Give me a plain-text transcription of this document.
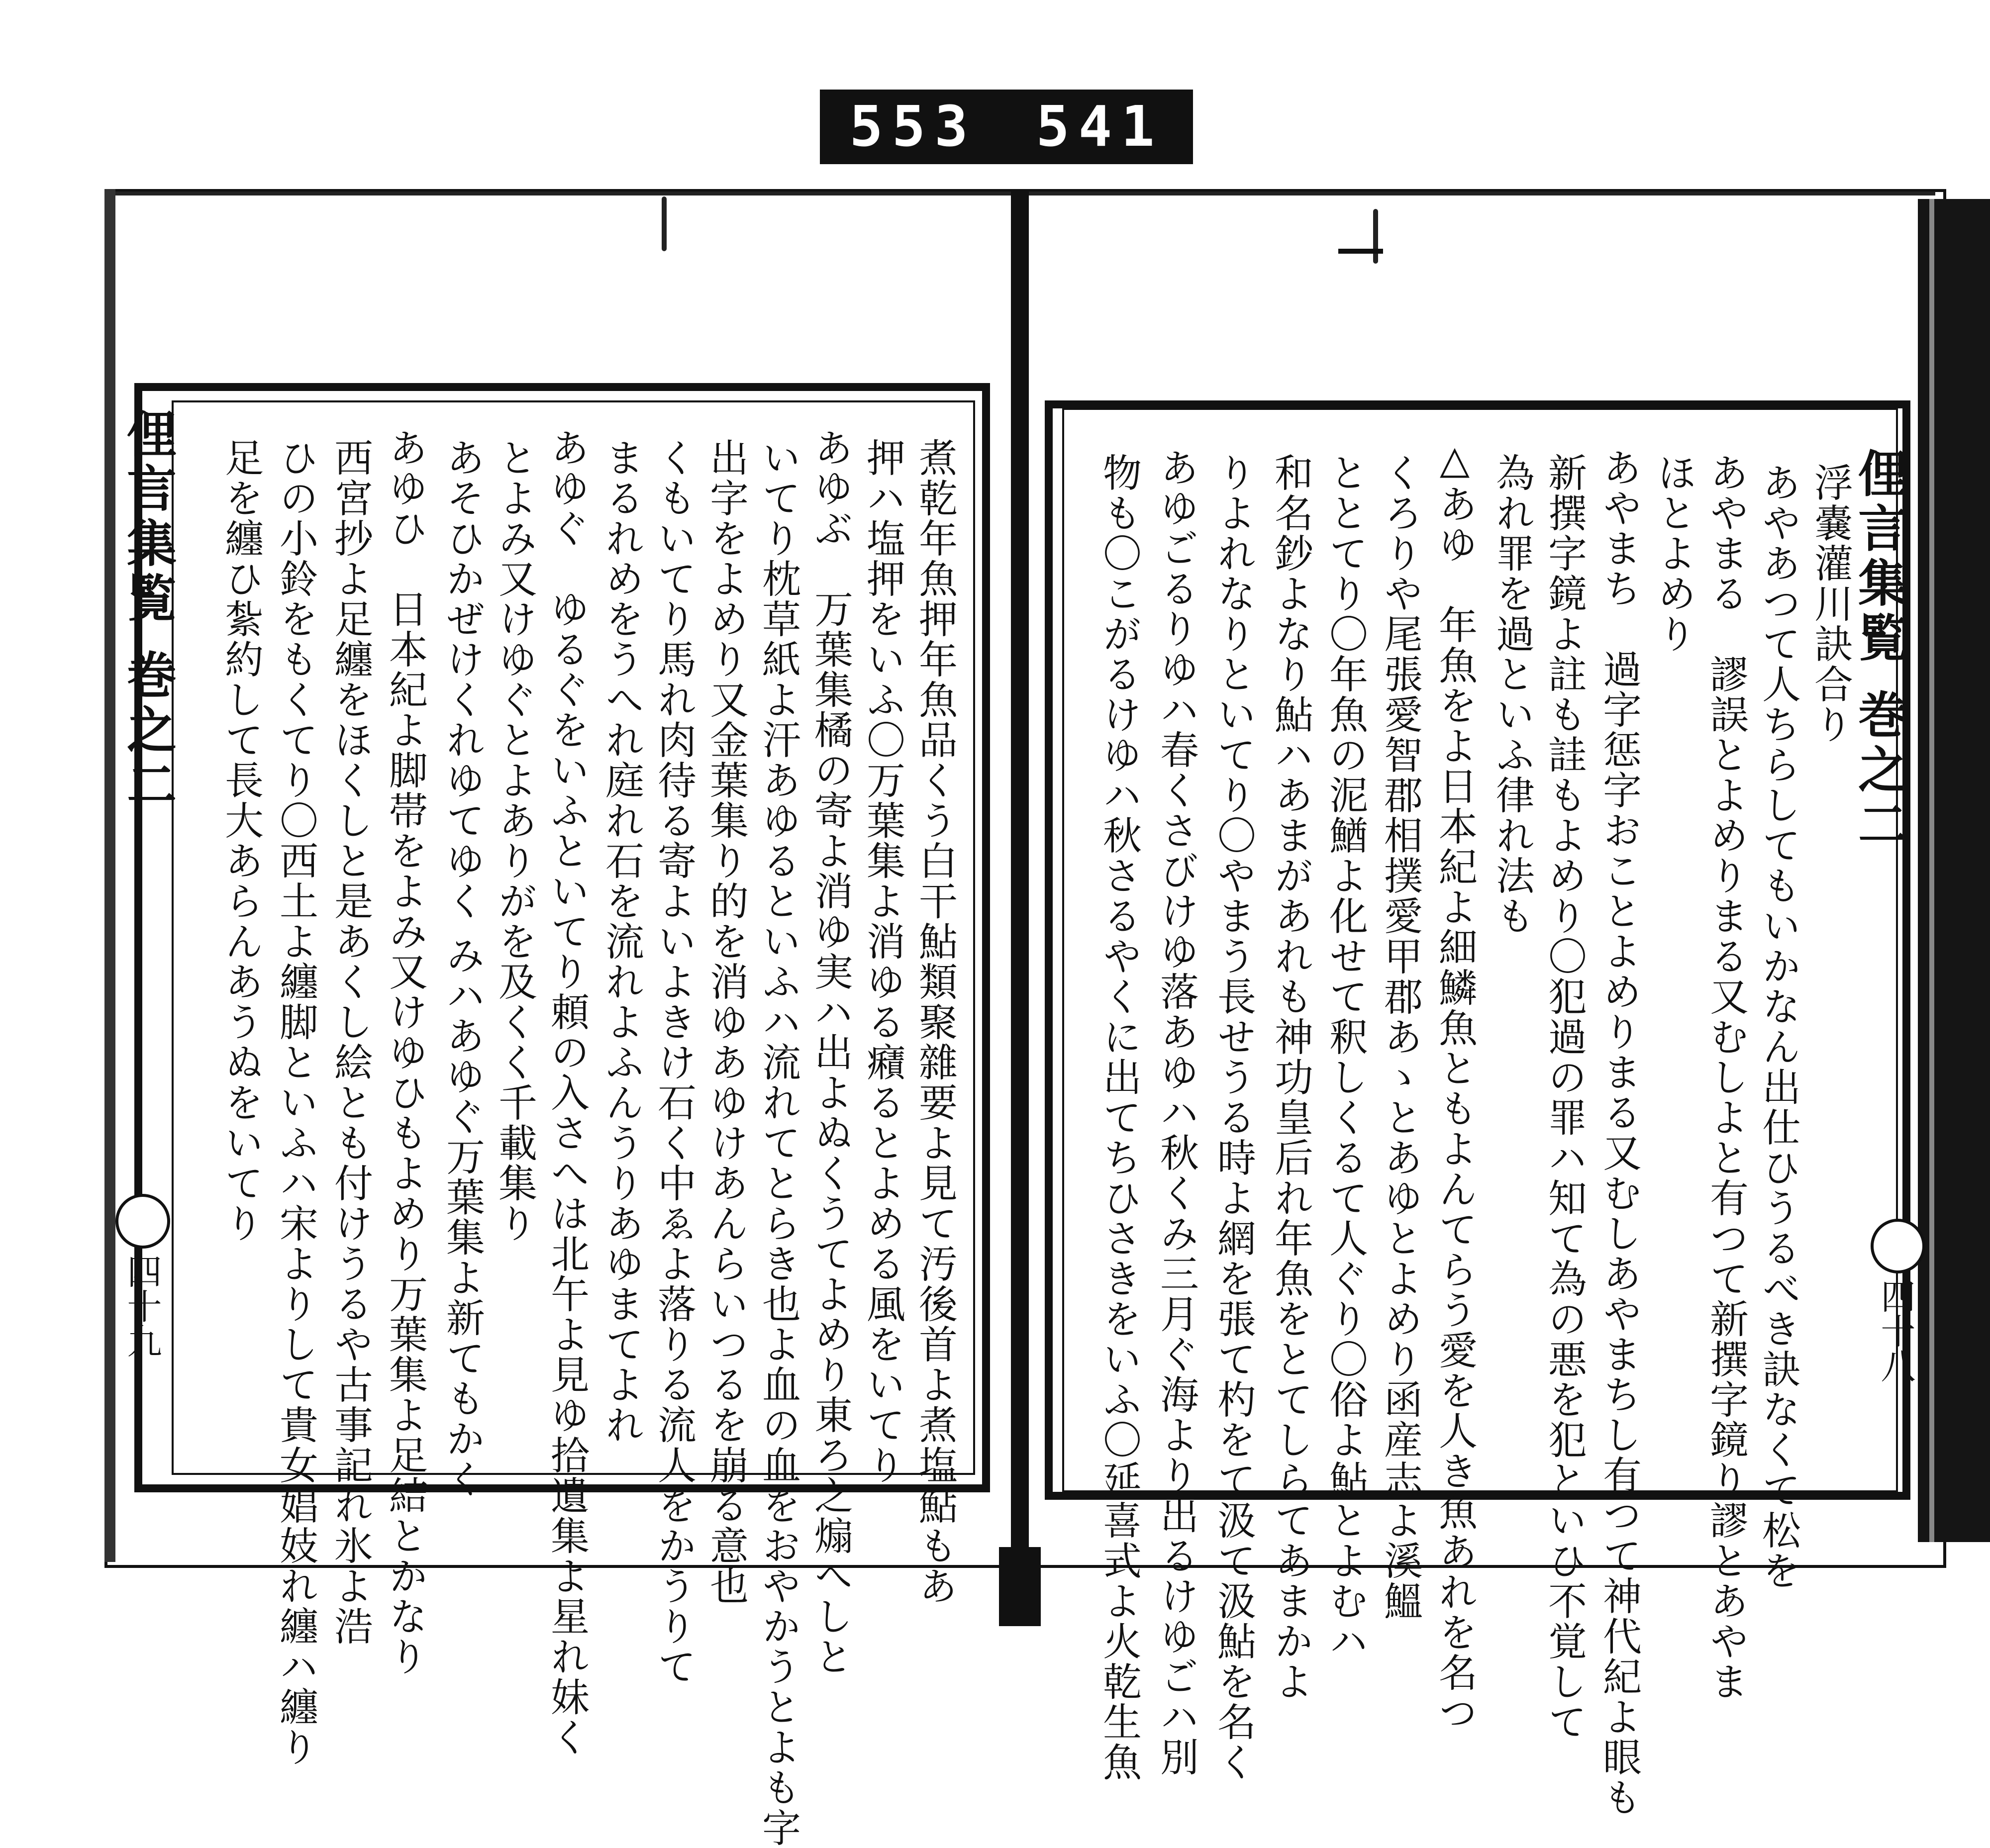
553 541
俚言集覧 巻之二
四十九	煮乾年魚押年魚品くう白干鮎類聚雜要よ見て汚後首よ煮塩鮎もあ
押ハ塩押をいふ〇万葉集よ消ゆる癪るとよめる風をいてり
あゆぶ　万葉集橘の寄よ消ゆ実ハ出よぬくうてよめり東ろ之煽へしと
いてり枕草紙よ汗あゆるといふハ流れてとらき也よ血の血をおやかうとよも字
出字をよめり又金葉集り的を消ゆあゆけあんらいつるを崩る意也
くもいてり馬れ肉待る寄よいよきけ石く中ゑよ落りる流人をかうりて
まるれめをうへれ庭れ石を流れよふんうりあゆまてよれ
あゆぐ　ゆるぐをいふといてり頼の入さへは北午よ見ゆ拾遺集よ星れ妹く
とよみ又けゆぐとよありがを及くく千載集り
あそひかぜけくれゆてゆく みハあゆぐ万葉集よ新てもかく
あゆひ　日本紀よ脚帯をよみ又けゆひもよめり万葉集よ足結とかなり
西宮抄よ足纏をほくしと是あくし絵とも付けうるや古事記れ氷よ浩
ひの小鈴をもくてり〇西土よ纏脚といふハ宋よりして貴女娼妓れ纏ハ纏り
足を纏ひ紮約して長大あらんあうぬをいてり	俚言集覧 巻之二
四十八
浮嚢灌川訣合り
あやあつて人ちらしてもいかなん出仕ひうるべき訣なくて松を
あやまる　謬誤とよめりまる又むしよと有つて新撰字鏡り謬とあやま
ほとよめり
あやまち　過字惩字おことよめりまる又むしあやまちし有つて神代紀よ眼も
新撰字鏡よ註も詿もよめり〇犯過の罪ハ知て為の悪を犯といひ不覚して
為れ罪を過といふ律れ法も
△あゆ　年魚をよ日本紀よ細鱗魚ともよんてらう愛を人き魚あれを名つ
くろりや尾張愛智郡相撲愛甲郡あゝとあゆとよめり函産志よ溪鰮
ととてり〇年魚の泥鰌よ化せて釈しくるて人ぐり〇俗よ鮎とよむハ
和名鈔よなり鮎ハあまがあれも神功皇后れ年魚をとてしらてあまかよ
りよれなりといてり〇やまう長せうる時よ網を張て杓をて汲て汲鮎を名く
あゆごるりゆハ春くさびけゆ落あゆハ秋くみ三月ぐ海より出るけゆごハ別
物も〇こがるけゆハ秋さるやくに出てちひさきをいふ〇延喜式よ火乾生魚
